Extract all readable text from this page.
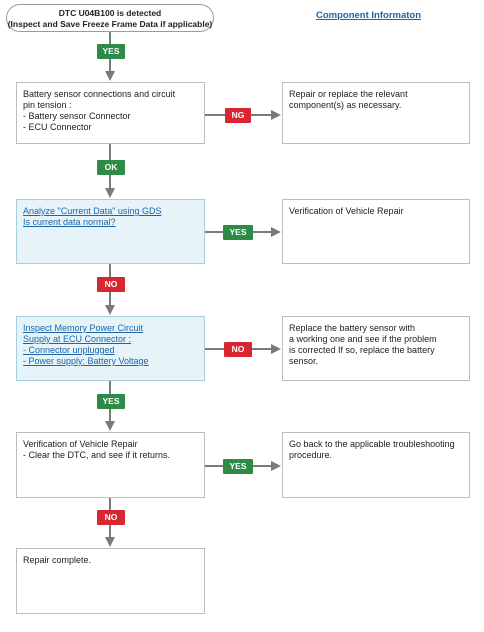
DTC U04B100 is detected
(Inspect and Save Freeze Frame Data if applicable)
Component Informaton
YES
OK
NO
YES
NO
Battery sensor connections and circuit
pin tension :
- Battery sensor Connector
- ECU Connector
NG
Repair or replace the relevant
component(s) as necessary.
Analyze "Current Data" using GDS
Is current data normal?
YES
Verification of Vehicle Repair
Inspect Memory Power Circuit
Supply at ECU Connector :
- Connector unplugged
- Power supply: Battery Voltage
NO
Replace the battery sensor with
a working one and see if the problem
is corrected If so, replace the battery
sensor.
Verification of Vehicle Repair
- Clear the DTC, and see if it returns.
YES
Go back to the applicable troubleshooting
procedure.
Repair complete.
